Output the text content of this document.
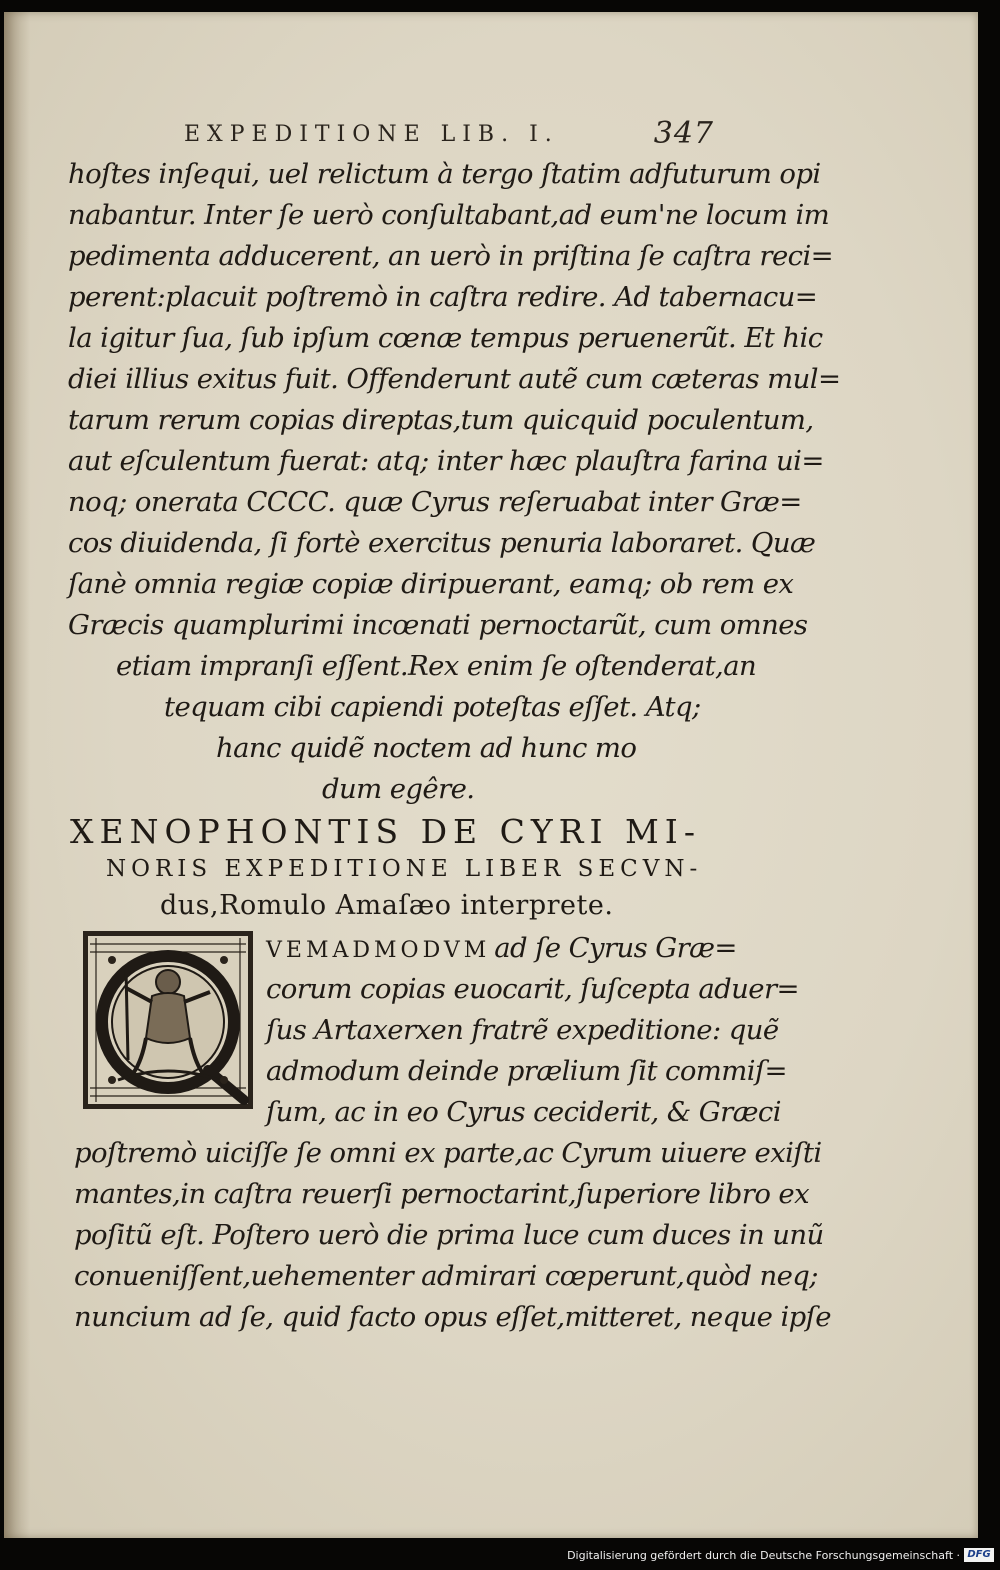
EXPEDITIONE LIB. I.	347
hoſtes inſequi, uel relictum à tergo ſtatim adfuturum opi
nabantur. Inter ſe uerò conſultabant,ad eum'ne locum im
pedimenta adducerent, an uerò in priſtina ſe caſtra reci=
perent:placuit poſtremò in caſtra redire. Ad tabernacu=
la igitur ſua, ſub ipſum cœnæ tempus peruenerũt. Et hic
diei illius exitus fuit. Offenderunt autẽ cum cæteras mul=
tarum rerum copias direptas,tum quicquid poculentum,
aut eſculentum fuerat: atq; inter hæc plauſtra farina ui=
noq; onerata CCCC. quæ Cyrus reſeruabat inter Græ=
cos diuidenda, ſi fortè exercitus penuria laboraret. Quæ
ſanè omnia regiæ copiæ diripuerant, eamq; ob rem ex
Græcis quamplurimi incœnati pernoctarũt, cum omnes
etiam impranſi eſſent.Rex enim ſe oſtenderat,an
tequam cibi capiendi poteſtas eſſet. Atq;
hanc quidẽ noctem ad hunc mo
dum egêre.
XENOPHONTIS DE CYRI MI-
NORIS EXPEDITIONE LIBER SECVN-
dus,Romulo Amaſæo interprete.
VEMADMODVM ad ſe Cyrus Græ=
corum copias euocarit, ſuſcepta aduer=
ſus Artaxerxen fratrẽ expeditione: quẽ
admodum deinde prælium ſit commiſ=
ſum, ac in eo Cyrus ceciderit, & Græci
poſtremò uiciſſe ſe omni ex parte,ac Cyrum uiuere exiſti
mantes,in caſtra reuerſi pernoctarint,ſuperiore libro ex
poſitũ eſt. Poſtero uerò die prima luce cum duces in unũ
conueniſſent,uehementer admirari cœperunt,quòd neq;
nuncium ad ſe, quid facto opus eſſet,mitteret, neque ipſe
Digitalisierung gefördert durch die Deutsche Forschungsgemeinschaft · DFG
